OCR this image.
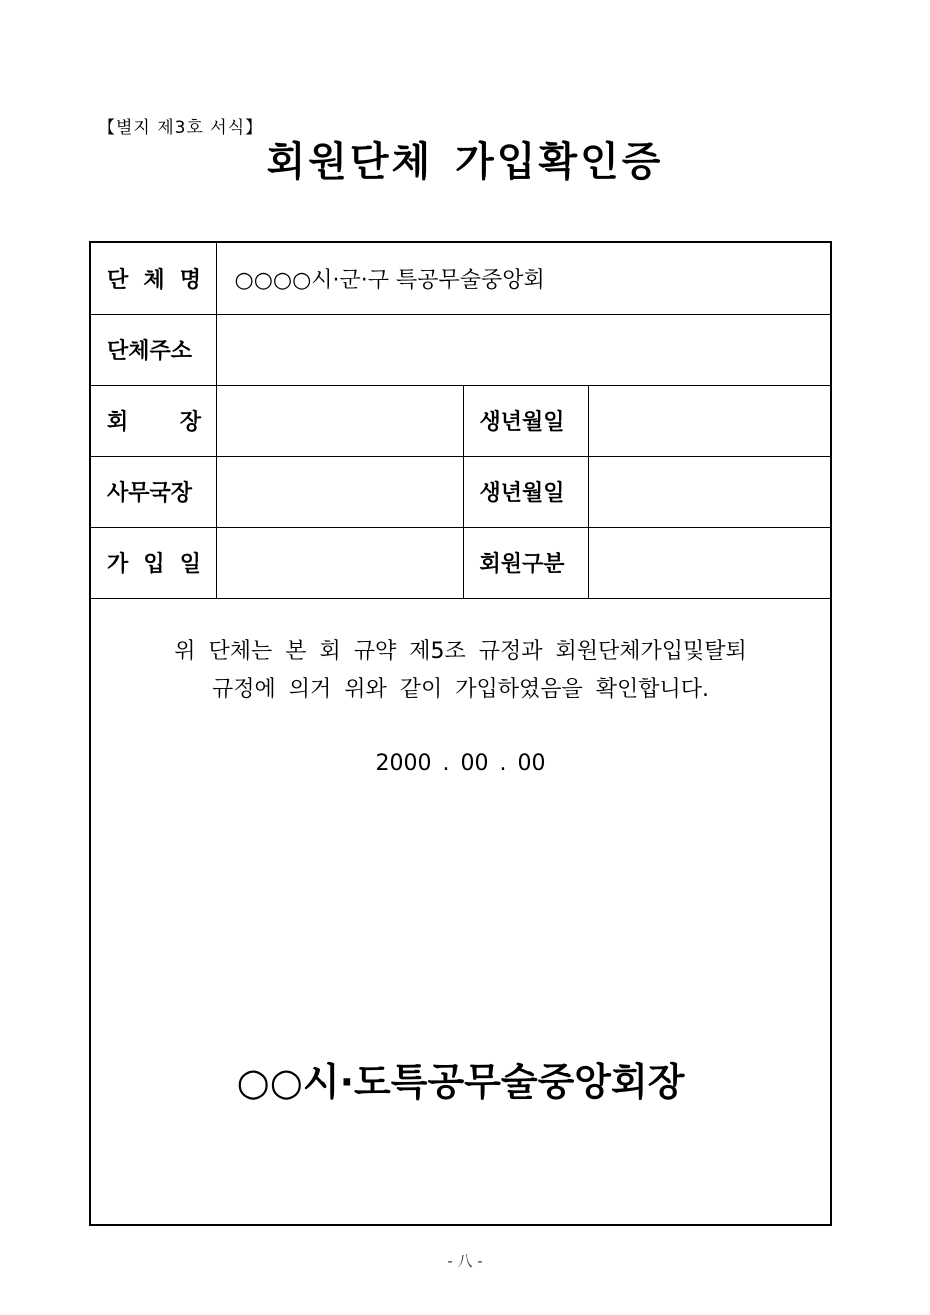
【별지 제3호 서식】
회원단체 가입확인증
단 체 명	○○○○시·군·구 특공무술중앙회		
단체주소			

회 장		생년월일	
사무국장		생년월일	

가 입 일		회원구분	
위 단체는 본 회 규약 제5조 규정과 회원단체가입및탈퇴
규정에 의거 위와 같이 가입하였음을 확인합니다.
2000 . 00 . 00
○○시·도특공무술중앙회장
- 八 -
